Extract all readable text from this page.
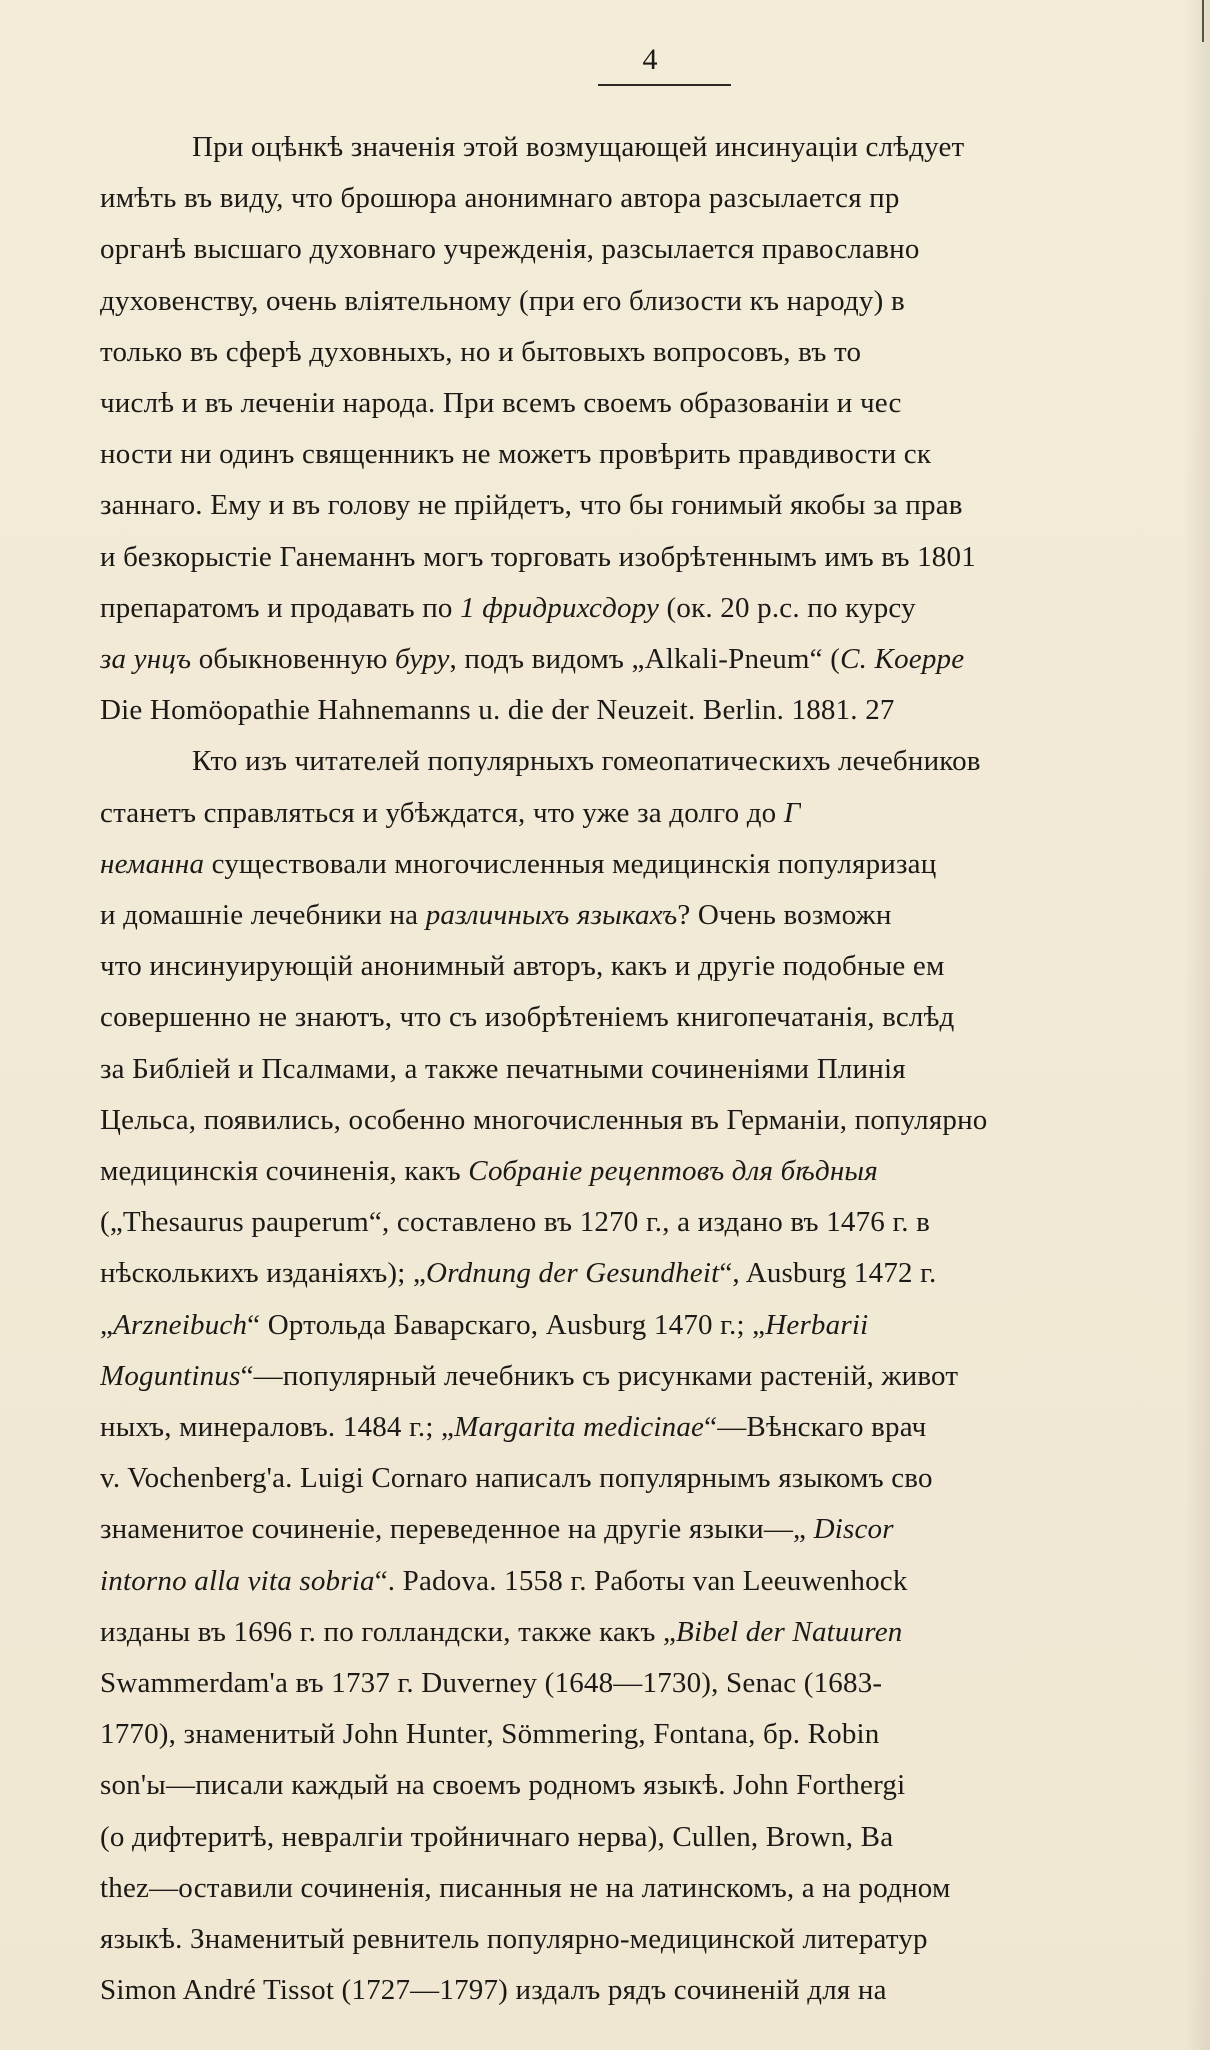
4
При оцѣнкѣ значенія этой возмущающей инсинуаціи слѣдует
имѣть въ виду, что брошюра анонимнаго автора разсылается пр
органѣ высшаго духовнаго учрежденія, разсылается православно
духовенству, очень вліятельному (при его близости къ народу) в
только въ сферѣ духовныхъ, но и бытовыхъ вопросовъ, въ то
числѣ и въ леченіи народа. При всемъ своемъ образованіи и чес
ности ни одинъ священникъ не можетъ провѣрить правдивости ск
заннаго. Ему и въ голову не прійдетъ, что бы гонимый якобы за прав
и безкорыстіе Ганеманнъ могъ торговать изобрѣтеннымъ имъ въ 1801
препаратомъ и продавать по 1 фридрихсдору (ок. 20 р.с. по курсу
за унцъ обыкновенную буру, подъ видомъ „Alkali-Pneum“ (С. Koeppe
Die Homöopathie Hahnemanns u. die der Neuzeit. Berlin. 1881. 27
Кто изъ читателей популярныхъ гомеопатическихъ лечебников
станетъ справляться и убѣждатся, что уже за долго до Г
неманна существовали многочисленныя медицинскія популяризац
и домашніе лечебники на различныхъ языкахъ? Очень возможн
что инсинуирующій анонимный авторъ, какъ и другіе подобные ем
совершенно не знаютъ, что съ изобрѣтеніемъ книгопечатанія, вслѣд
за Библіей и Псалмами, а также печатными сочиненіями Плинія
Цельса, появились, особенно многочисленныя въ Германіи, популярно
медицинскія сочиненія, какъ Собраніе рецептовъ для бѣдныя
(„Thesaurus pauperum“, составлено въ 1270 г., а издано въ 1476 г. в
нѣсколькихъ изданіяхъ); „Ordnung der Gesundheit“, Ausburg 1472 г.
„Arzneibuch“ Ортольда Баварскаго, Ausburg 1470 г.; „Herbarii
Moguntinus“—популярный лечебникъ съ рисунками растеній, живот
ныхъ, минераловъ. 1484 г.; „Margarita medicinae“—Вѣнскаго врач
v. Vochenberg'а. Luigi Cornaro написалъ популярнымъ языкомъ сво
знаменитое сочиненіе, переведенное на другіе языки—„ Discor
intorno alla vita sobria“. Padova. 1558 г. Работы van Leeuwenhock
изданы въ 1696 г. по голландски, также какъ „Bibel der Natuuren
Swammerdam'а въ 1737 г. Duverney (1648—1730), Senac (1683-
1770), знаменитый John Hunter, Sömmering, Fontana, бр. Robin
son'ы—писали каждый на своемъ родномъ языкѣ. John Forthergi
(о дифтеритѣ, невралгіи тройничнаго нерва), Cullen, Brown, Ba
thez—оставили сочиненія, писанныя не на латинскомъ, а на родном
языкѣ. Знаменитый ревнитель популярно-медицинской литератур
Simon André Tissot (1727—1797) издалъ рядъ сочиненій для на
